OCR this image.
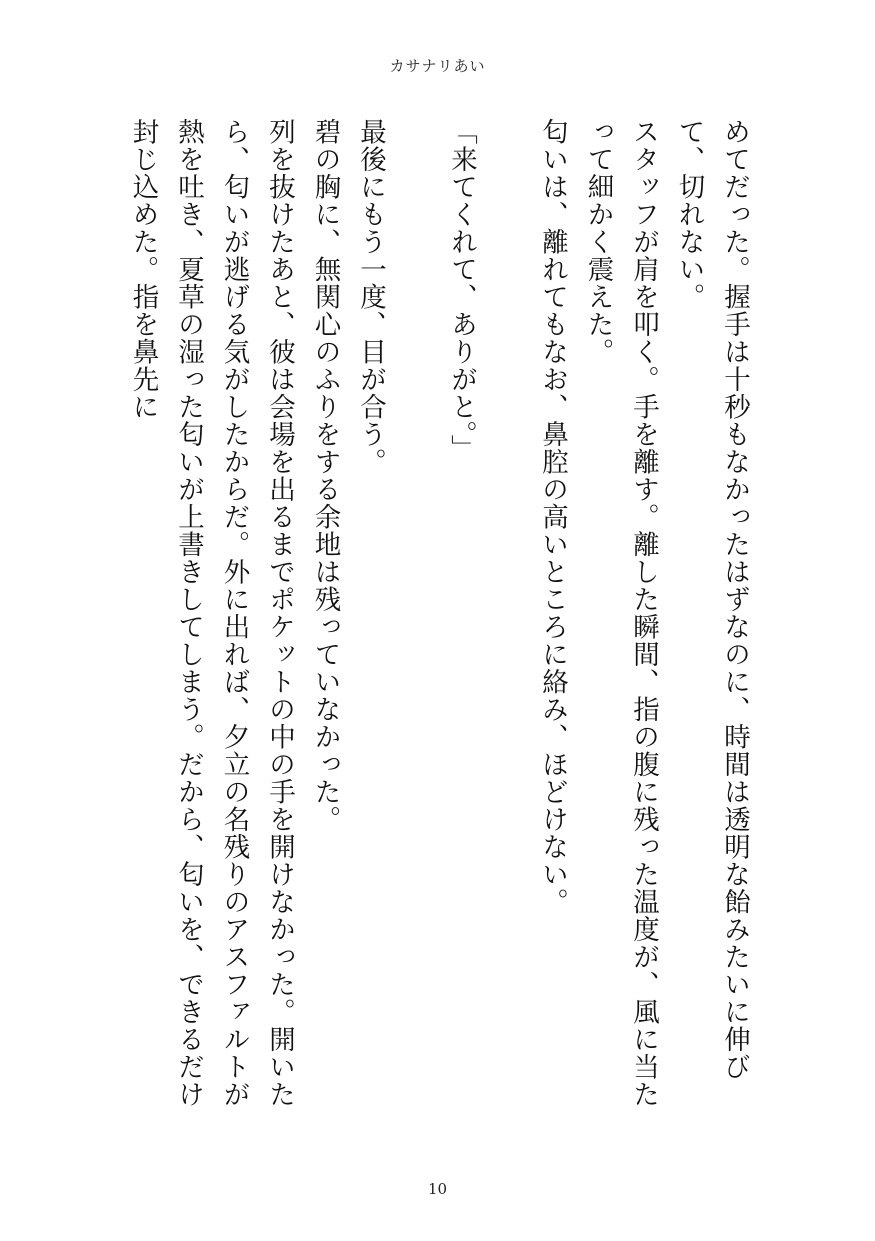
カサナリあい

めてだった。握手は十秒もなかったはずなのに、時間は透明な飴みたいに伸びて、切れない。

スタッフが肩を叩く。手を離す。離した瞬間、指の腹に残った温度が、風に当たって細かく震えた。

匂いは、離れてもなお、鼻腔の高いところに絡み、ほどけない。

「来てくれて、ありがと。」

最後にもう一度、目が合う。

碧の胸に、無関心のふりをする余地は残っていなかった。

列を抜けたあと、彼は会場を出るまでポケットの中の手を開けなかった。開いたら、匂いが逃げる気がしたからだ。外に出れば、夕立の名残りのアスファルトが熱を吐き、夏草の湿った匂いが上書きしてしまう。だから、匂いを、できるだけ封じ込めた。指を鼻先に

10
